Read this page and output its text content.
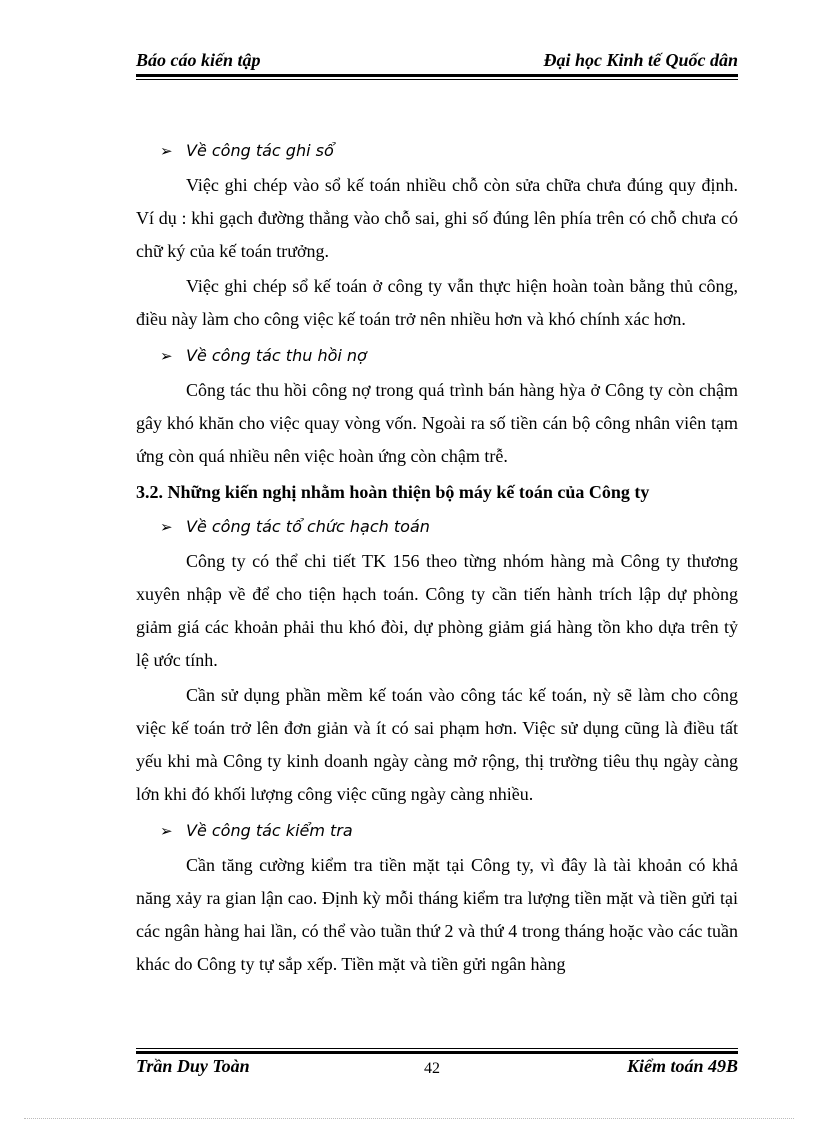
Báo cáo kiến tập	Đại học Kinh tế Quốc dân
➢ Về công tác ghi sổ

Việc ghi chép vào sổ kế toán nhiều chỗ còn sửa chữa chưa đúng quy định. Ví dụ : khi gạch đường thẳng vào chỗ sai, ghi số đúng lên phía trên có chỗ chưa có chữ ký của kế toán trưởng.

Việc ghi chép sổ kế toán ở công ty vẫn thực hiện hoàn toàn bằng thủ công, điều này làm cho công việc kế toán trở nên nhiều hơn và khó chính xác hơn.

➢ Về công tác thu hồi nợ

Công tác thu hồi công nợ trong quá trình bán hàng hỳa ở Công ty còn chậm gây khó khăn cho việc quay vòng vốn. Ngoài ra số tiền cán bộ công nhân viên tạm ứng còn quá nhiều nên việc hoàn ứng còn chậm trễ.

3.2. Những kiến nghị nhằm hoàn thiện bộ máy kế toán của Công ty

➢ Về công tác tổ chức hạch toán

Công ty có thể chi tiết TK 156 theo từng nhóm hàng mà Công ty thương xuyên nhập về để cho tiện hạch toán. Công ty cần tiến hành trích lập dự phòng giảm giá các khoản phải thu khó đòi, dự phòng giảm giá hàng tồn kho dựa trên tỷ lệ ước tính.

Cần sử dụng phần mềm kế toán vào công tác kế toán, nỳ sẽ làm cho công việc kế toán trở lên đơn giản và ít có sai phạm hơn. Việc sử dụng cũng là điều tất yếu khi mà Công ty kinh doanh ngày càng mở rộng, thị trường tiêu thụ ngày càng lớn khi đó khối lượng công việc cũng ngày càng nhiều.

➢ Về công tác kiểm tra

Cần tăng cường kiểm tra tiền mặt tại Công ty, vì đây là tài khoản có khả năng xảy ra gian lận cao. Định kỳ mỗi tháng kiểm tra lượng tiền mặt và tiền gửi tại các ngân hàng hai lần, có thể vào tuần thứ 2 và thứ 4 trong tháng hoặc vào các tuần khác do Công ty tự sắp xếp. Tiền mặt và tiền gửi ngân hàng

Trần Duy Toàn	42	Kiểm toán 49B
